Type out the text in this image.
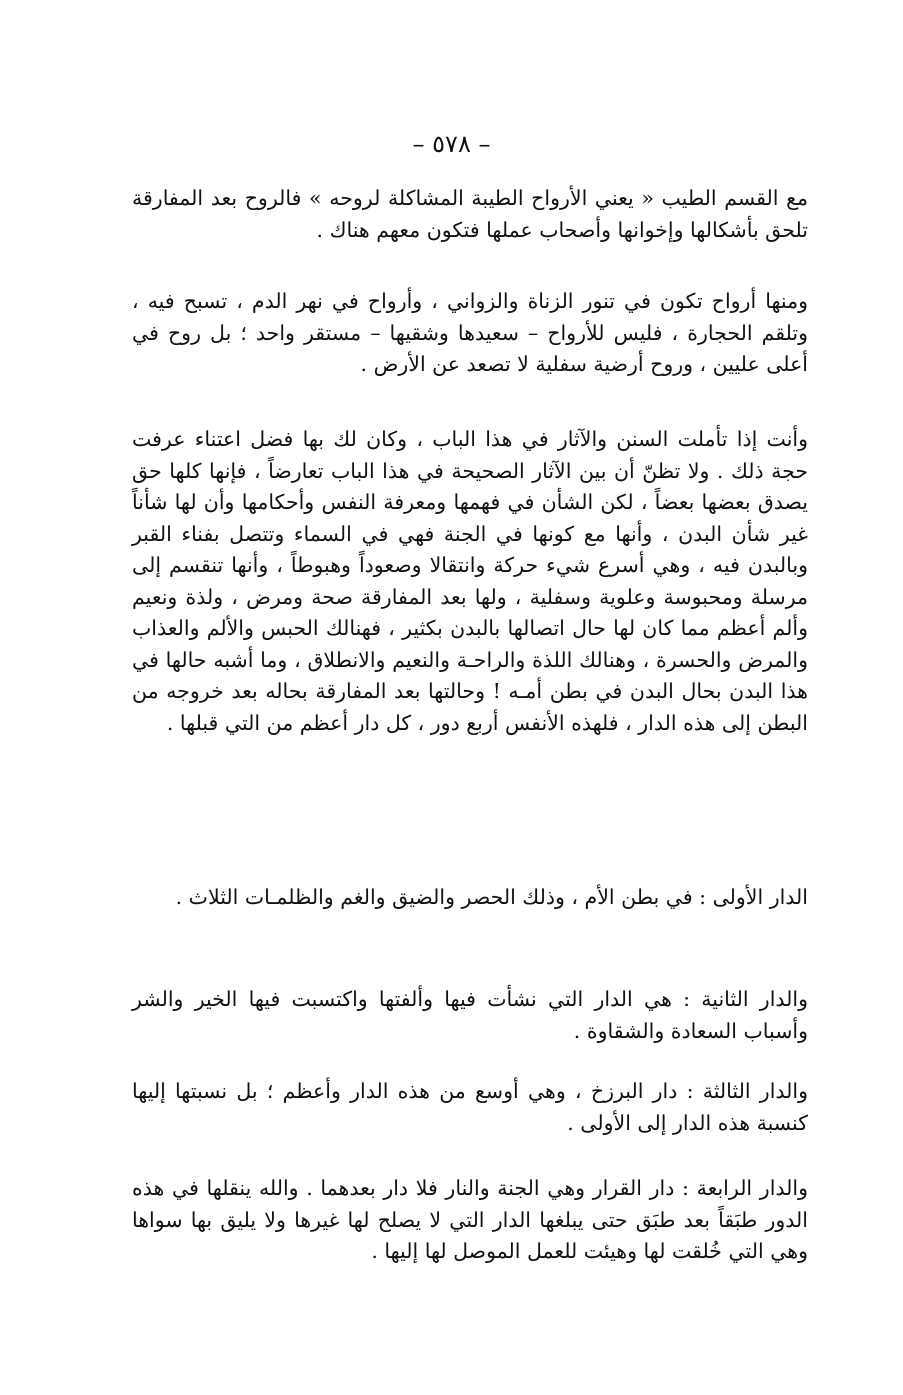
– ٥٧٨ –

مع القسم الطيب « يعني الأرواح الطيبة المشاكلة لروحه » فالروح بعد المفارقة تلحق بأشكالها وإخوانها وأصحاب عملها فتكون معهم هناك .

ومنها أرواح تكون في تنور الزناة والزواني ، وأرواح في نهر الدم ، تسبح فيه ، وتلقم الحجارة ، فليس للأرواح – سعيدها وشقيها – مستقر واحد ؛ بل روح في أعلى عليين ، وروح أرضية سفلية لا تصعد عن الأرض .

وأنت إذا تأملت السنن والآثار في هذا الباب ، وكان لك بها فضل اعتناء عرفت حجة ذلك . ولا تظنّ أن بين الآثار الصحيحة في هذا الباب تعارضاً ، فإنها كلها حق يصدق بعضها بعضاً ، لكن الشأن في فهمها ومعرفة النفس وأحكامها وأن لها شأناً غير شأن البدن ، وأنها مع كونها في الجنة فهي في السماء وتتصل بفناء القبر وبالبدن فيه ، وهي أسرع شيء حركة وانتقالا وصعوداً وهبوطاً ، وأنها تنقسم إلى مرسلة ومحبوسة وعلوية وسفلية ، ولها بعد المفارقة صحة ومرض ، ولذة ونعيم وألم أعظم مما كان لها حال اتصالها بالبدن بكثير ، فهنالك الحبس والألم والعذاب والمرض والحسرة ، وهنالك اللذة والراحـة والنعيم والانطلاق ، وما أشبه حالها في هذا البدن بحال البدن في بطن أمـه ! وحالتها بعد المفارقة بحاله بعد خروجه من البطن إلى هذه الدار ، فلهذه الأنفس أربع دور ، كل دار أعظم من التي قبلها .

الدار الأولى : في بطن الأم ، وذلك الحصر والضيق والغم والظلمـات الثلاث .

والدار الثانية : هي الدار التي نشأت فيها وألفتها واكتسبت فيها الخير والشر وأسباب السعادة والشقاوة .

والدار الثالثة : دار البرزخ ، وهي أوسع من هذه الدار وأعظم ؛ بل نسبتها إليها كنسبة هذه الدار إلى الأولى .

والدار الرابعة : دار القرار وهي الجنة والنار فلا دار بعدهما . والله ينقلها في هذه الدور طبَقاً بعد طبَق حتى يبلغها الدار التي لا يصلح لها غيرها ولا يليق بها سواها وهي التي خُلقت لها وهيئت للعمل الموصل لها إليها .
